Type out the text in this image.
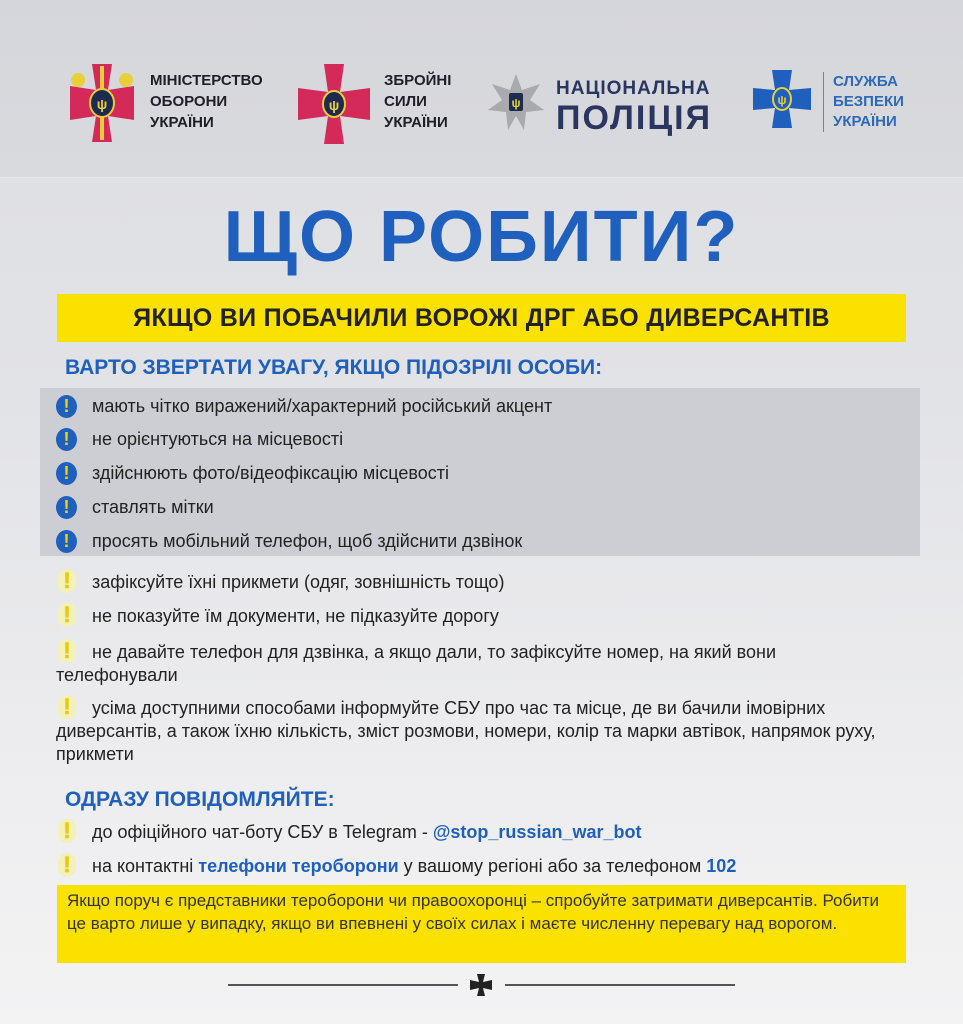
ψ
МІНІСТЕРСТВО
ОБОРОНИ
УКРАЇНИ
ψ
ЗБРОЙНІ
СИЛИ
УКРАЇНИ
ψ
НАЦІОНАЛЬНА
ПОЛІЦІЯ	ψ
СЛУЖБА
БЕЗПЕКИ
УКРАЇНИ
ЩО РОБИТИ?
ЯКЩО ВИ ПОБАЧИЛИ ВОРОЖІ ДРГ АБО ДИВЕРСАНТІВ
ВАРТО ЗВЕРТАТИ УВАГУ, ЯКЩО ПІДОЗРІЛІ ОСОБИ:
!	мають чітко виражений/характерний російський акцент
!	не орієнтуються на місцевості
!	здійснюють фото/відеофіксацію місцевості
!	ставлять мітки
!	просять мобільний телефон, щоб здійснити дзвінок
!	зафіксуйте їхні прикмети (одяг, зовнішність тощо)
!	не показуйте їм документи, не підказуйте дорогу
!	не давайте телефон для дзвінка, а якщо дали, то зафіксуйте номер, на який вони телефонували
!	усіма доступними способами інформуйте СБУ про час та місце, де ви бачили імовірних диверсантів, а також їхню кількість, зміст розмови, номери, колір та марки автівок, напрямок руху, прикмети
ОДРАЗУ ПОВІДОМЛЯЙТЕ:
!	до офіційного чат-боту СБУ в Telegram - @stop_russian_war_bot
!	на контактні телефони тероборони у вашому регіоні або за телефоном 102
Якщо поруч є представники тероборони чи правоохоронці – спробуйте затримати диверсантів. Робити це варто лише у випадку, якщо ви впевнені у своїх силах і маєте численну перевагу над ворогом.
